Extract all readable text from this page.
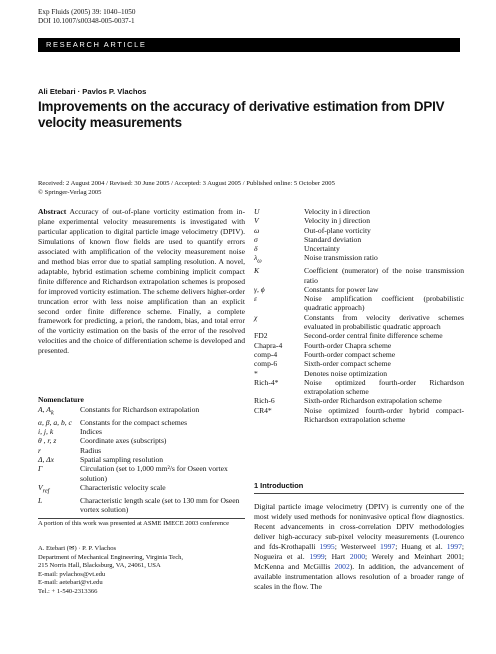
Exp Fluids (2005) 39: 1040–1050
DOI 10.1007/s00348-005-0037-1
RESEARCH ARTICLE
Ali Etebari · Pavlos P. Vlachos
Improvements on the accuracy of derivative estimation from DPIV velocity measurements
Received: 2 August 2004 / Revised: 30 June 2005 / Accepted: 3 August 2005 / Published online: 5 October 2005
© Springer-Verlag 2005
Abstract Accuracy of out-of-plane vorticity estimation from in-plane experimental velocity measurements is investigated with particular application to digital particle image velocimetry (DPIV). Simulations of known flow fields are used to quantify errors associated with amplification of the velocity measurement noise and method bias error due to spatial sampling resolution. A novel, adaptable, hybrid estimation scheme combining implicit compact finite difference and Richardson extrapolation schemes is proposed for improved vorticity estimation. The scheme delivers higher-order truncation error with less noise amplification than an explicit second order finite difference scheme. Finally, a complete framework for predicting, a priori, the random, bias, and total error of the vorticity estimation on the basis of the error of the resolved velocities and the choice of differentiation scheme is developed and presented.
Nomenclature
A, $A_k$	Constants for Richardson extrapolation
α, β, a, b, c	Constants for the compact schemes
i, j, k	Indices
θ , r, z	Coordinate axes (subscripts)
r	Radius
Δ, Δx	Spatial sampling resolution
Γ	Circulation (set to 1,000 mm²/s for Oseen vortex solution)
$V_{ref}$	Characteristic velocity scale
L	Characteristic length scale (set to 130 mm for Oseen vortex solution)
A portion of this work was presented at ASME IMECE 2003 conference
A. Etebari (✉) · P. P. Vlachos
Department of Mechanical Engineering, Virginia Tech,
215 Norris Hall, Blacksburg, VA, 24061, USA
E-mail: pvlachos@vt.edu
E-mail: aetebari@vt.edu
Tel.: + 1-540-2313366
U	Velocity in i direction
V	Velocity in j direction
ω	Out-of-plane vorticity
σ	Standard deviation
δ	Uncertainty
$\lambda_\omega$	Noise transmission ratio
K	Coefficient (numerator) of the noise transmission ratio
γ, ϕ	Constants for power law
ε	Noise amplification coefficient (probabilistic quadratic approach)
χ	Constants from velocity derivative schemes evaluated in probabilistic quadratic approach
FD2	Second-order central finite difference scheme
Chapra-4	Fourth-order Chapra scheme
comp-4	Fourth-order compact scheme
comp-6	Sixth-order compact scheme
*	Denotes noise optimization
Rich-4*	Noise optimized fourth-order Richardson extrapolation scheme
Rich-6	Sixth-order Richardson extrapolation scheme
CR4*	Noise optimized fourth-order hybrid compact-Richardson extrapolation scheme
1 Introduction
Digital particle image velocimetry (DPIV) is currently one of the most widely used methods for noninvasive optical flow diagnostics. Recent advancements in cross-correlation DPIV methodologies deliver high-accuracy sub-pixel velocity measurements (Lourenco and fds-Krothapalli 1995; Westerweel 1997; Huang et al. 1997; Nogueira et al. 1999; Hart 2000; Werely and Meinhart 2001; McKenna and McGillis 2002). In addition, the advancement of available instrumentation allows resolution of a broader range of scales in the flow. The
